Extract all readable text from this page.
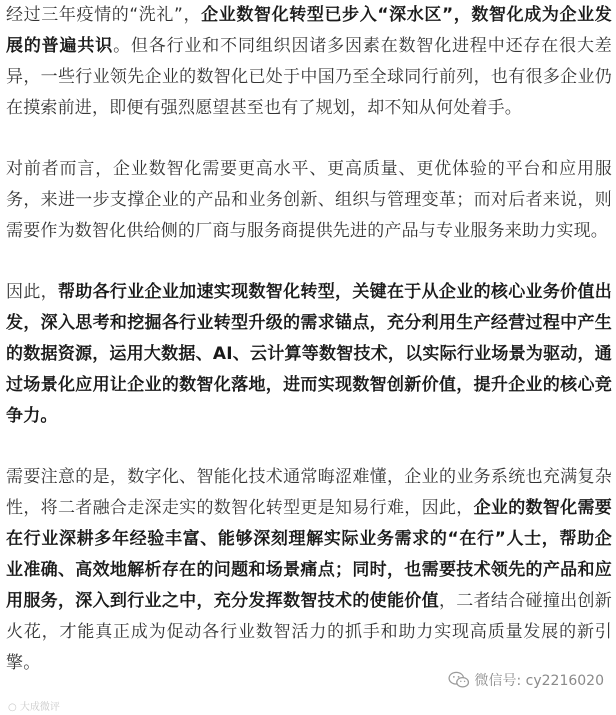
经过三年疫情的“洗礼”，企业数智化转型已步入“深水区”，数智化成为企业发展的普遍共识。但各行业和不同组织因诸多因素在数智化进程中还存在很大差异，一些行业领先企业的数智化已处于中国乃至全球同行前列，也有很多企业仍在摸索前进，即便有强烈愿望甚至也有了规划，却不知从何处着手。

对前者而言，企业数智化需要更高水平、更高质量、更优体验的平台和应用服务，来进一步支撑企业的产品和业务创新、组织与管理变革；而对后者来说，则需要作为数智化供给侧的厂商与服务商提供先进的产品与专业服务来助力实现。

因此，帮助各行业企业加速实现数智化转型，关键在于从企业的核心业务价值出发，深入思考和挖掘各行业转型升级的需求锚点，充分利用生产经营过程中产生的数据资源，运用大数据、AI、云计算等数智技术，以实际行业场景为驱动，通过场景化应用让企业的数智化落地，进而实现数智创新价值，提升企业的核心竞争力。

需要注意的是，数字化、智能化技术通常晦涩难懂，企业的业务系统也充满复杂性，将二者融合走深走实的数智化转型更是知易行难，因此，企业的数智化需要在行业深耕多年经验丰富、能够深刻理解实际业务需求的“在行”人士，帮助企业准确、高效地解析存在的问题和场景痛点；同时，也需要技术领先的产品和应用服务，深入到行业之中，充分发挥数智技术的使能价值，二者结合碰撞出创新火花，才能真正成为促动各行业数智活力的抓手和助力实现高质量发展的新引擎。

微信号: cy2216020
○ 大成微评
